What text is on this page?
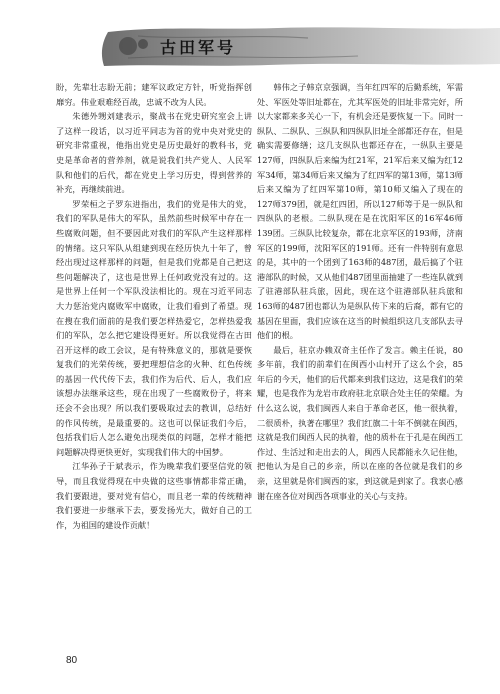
古田军号

盼，先辈壮志盼无前；建军议政定方针，听党指挥创靡穷。伟业艰难经百战，忠诚不改为人民。

朱德外甥刘建表示，聚战书在党史研究室会上讲了这样一段话，以习近平同志为首的党中央对党史的研究非常重视，他指出党史是历史最好的教科书，党史是革命者的营养剂，就是说我们共产党人、人民军队和他们的后代，都在党史上学习历史，得到营养的补充，再继续前进。

罗荣桓之子罗东进指出，我们的党是伟大的党，我们的军队是伟大的军队，虽然前些时候军中存在一些腐败问题，但不要因此对我们的军队产生这样那样的情绪。这只军队从组建到现在经历快九十年了，曾经出现过这样那样的问题，但是我们党都是自己把这些问题解决了，这也是世界上任何政党没有过的。这是世界上任何一个军队没法相比的。现在习近平同志大力惩治党内腐败军中腐败，让我们看到了希望。现在搜在我们面前的是我们要怎样热爱它，怎样热爱我们的军队，怎么把它建设得更好。所以我觉得在古田召开这样的政工会议，是有特殊意义的，那就是要恢复我们的光荣传统，要把理想信念的火种、红色传统的基因一代代传下去，我们作为后代、后人，我们应该想办法继承这些，现在出现了一些腐败份子，将来还会不会出现？所以我们要吸取过去的教训，总结好的作风传统，是最重要的。这也可以保证我们今后，包括我们后人怎么避免出现类似的问题，怎样才能把问题解决得更快更好，实现我们伟大的中国梦。

江华孙子于斌表示，作为晚辈我们要坚信党的领导，而且我觉得现在中央做的这些事情都非常正确，我们要跟进，要对党有信心，而且老一辈的传统精神我们要进一步继承下去，要发扬光大，做好自己的工作，为祖国的建设作贡献！

韩伟之子韩京京强调，当年红四军的后勤系统，军需处、军医处等旧址都在，尤其军医处的旧址非常完好，所以大家都来多关心一下，有机会还是要恢复一下。同时一纵队、二纵队、三纵队和四纵队旧址全部都还存在，但是确实需要修缮；这几支纵队也都还存在，一纵队主要是127师，四纵队后来编为红21军，21军后来又编为红12军34师，第34师后来又编为了红四军的第13师，第13师后来又编为了红四军第10师，第10师又编入了现在的127师379团，就是红四团，所以127师等于是一纵队和四纵队的老根。二纵队现在是在沈阳军区的16军46师139团。三纵队比较复杂，都在北京军区的193师，济南军区的199师，沈阳军区的191师。还有一件特别有意思的是，其中的一个团到了163师的487团，最后搞了个驻港部队的时候，又从他们487团里面抽建了一些连队就到了驻港部队驻兵旅，因此，现在这个驻港部队驻兵旅和163师的487团也都认为是纵队传下来的后裔，都有它的基因在里面，我们应该在这当的时候组织这几支部队去寻他们的根。

最后，驻京办赖双奇主任作了发言。赖主任说，80多年前，我们的前辈们在闽西小山村开了这么个会，85年后的今天，他们的后代都来到我们这边，这是我们的荣耀，也是我作为龙岩市政府驻北京联合处主任的荣耀。为什么这么说，我们闽西人来自于革命老区，他一很执着，二很质朴，执著在哪里？我们红旗二十年不倒就在闽西，这就是我们闽西人民的执着，他的质朴在于孔是在闽西工作过、生活过和走出去的人，闽西人民都能永久记住他，把他认为是自己的乡亲，所以在座的各位就是我们的乡亲，这里就是你们闽西的家，到这就是到家了。我衷心感谢在座各位对闽西各项事业的关心与支持。

80
